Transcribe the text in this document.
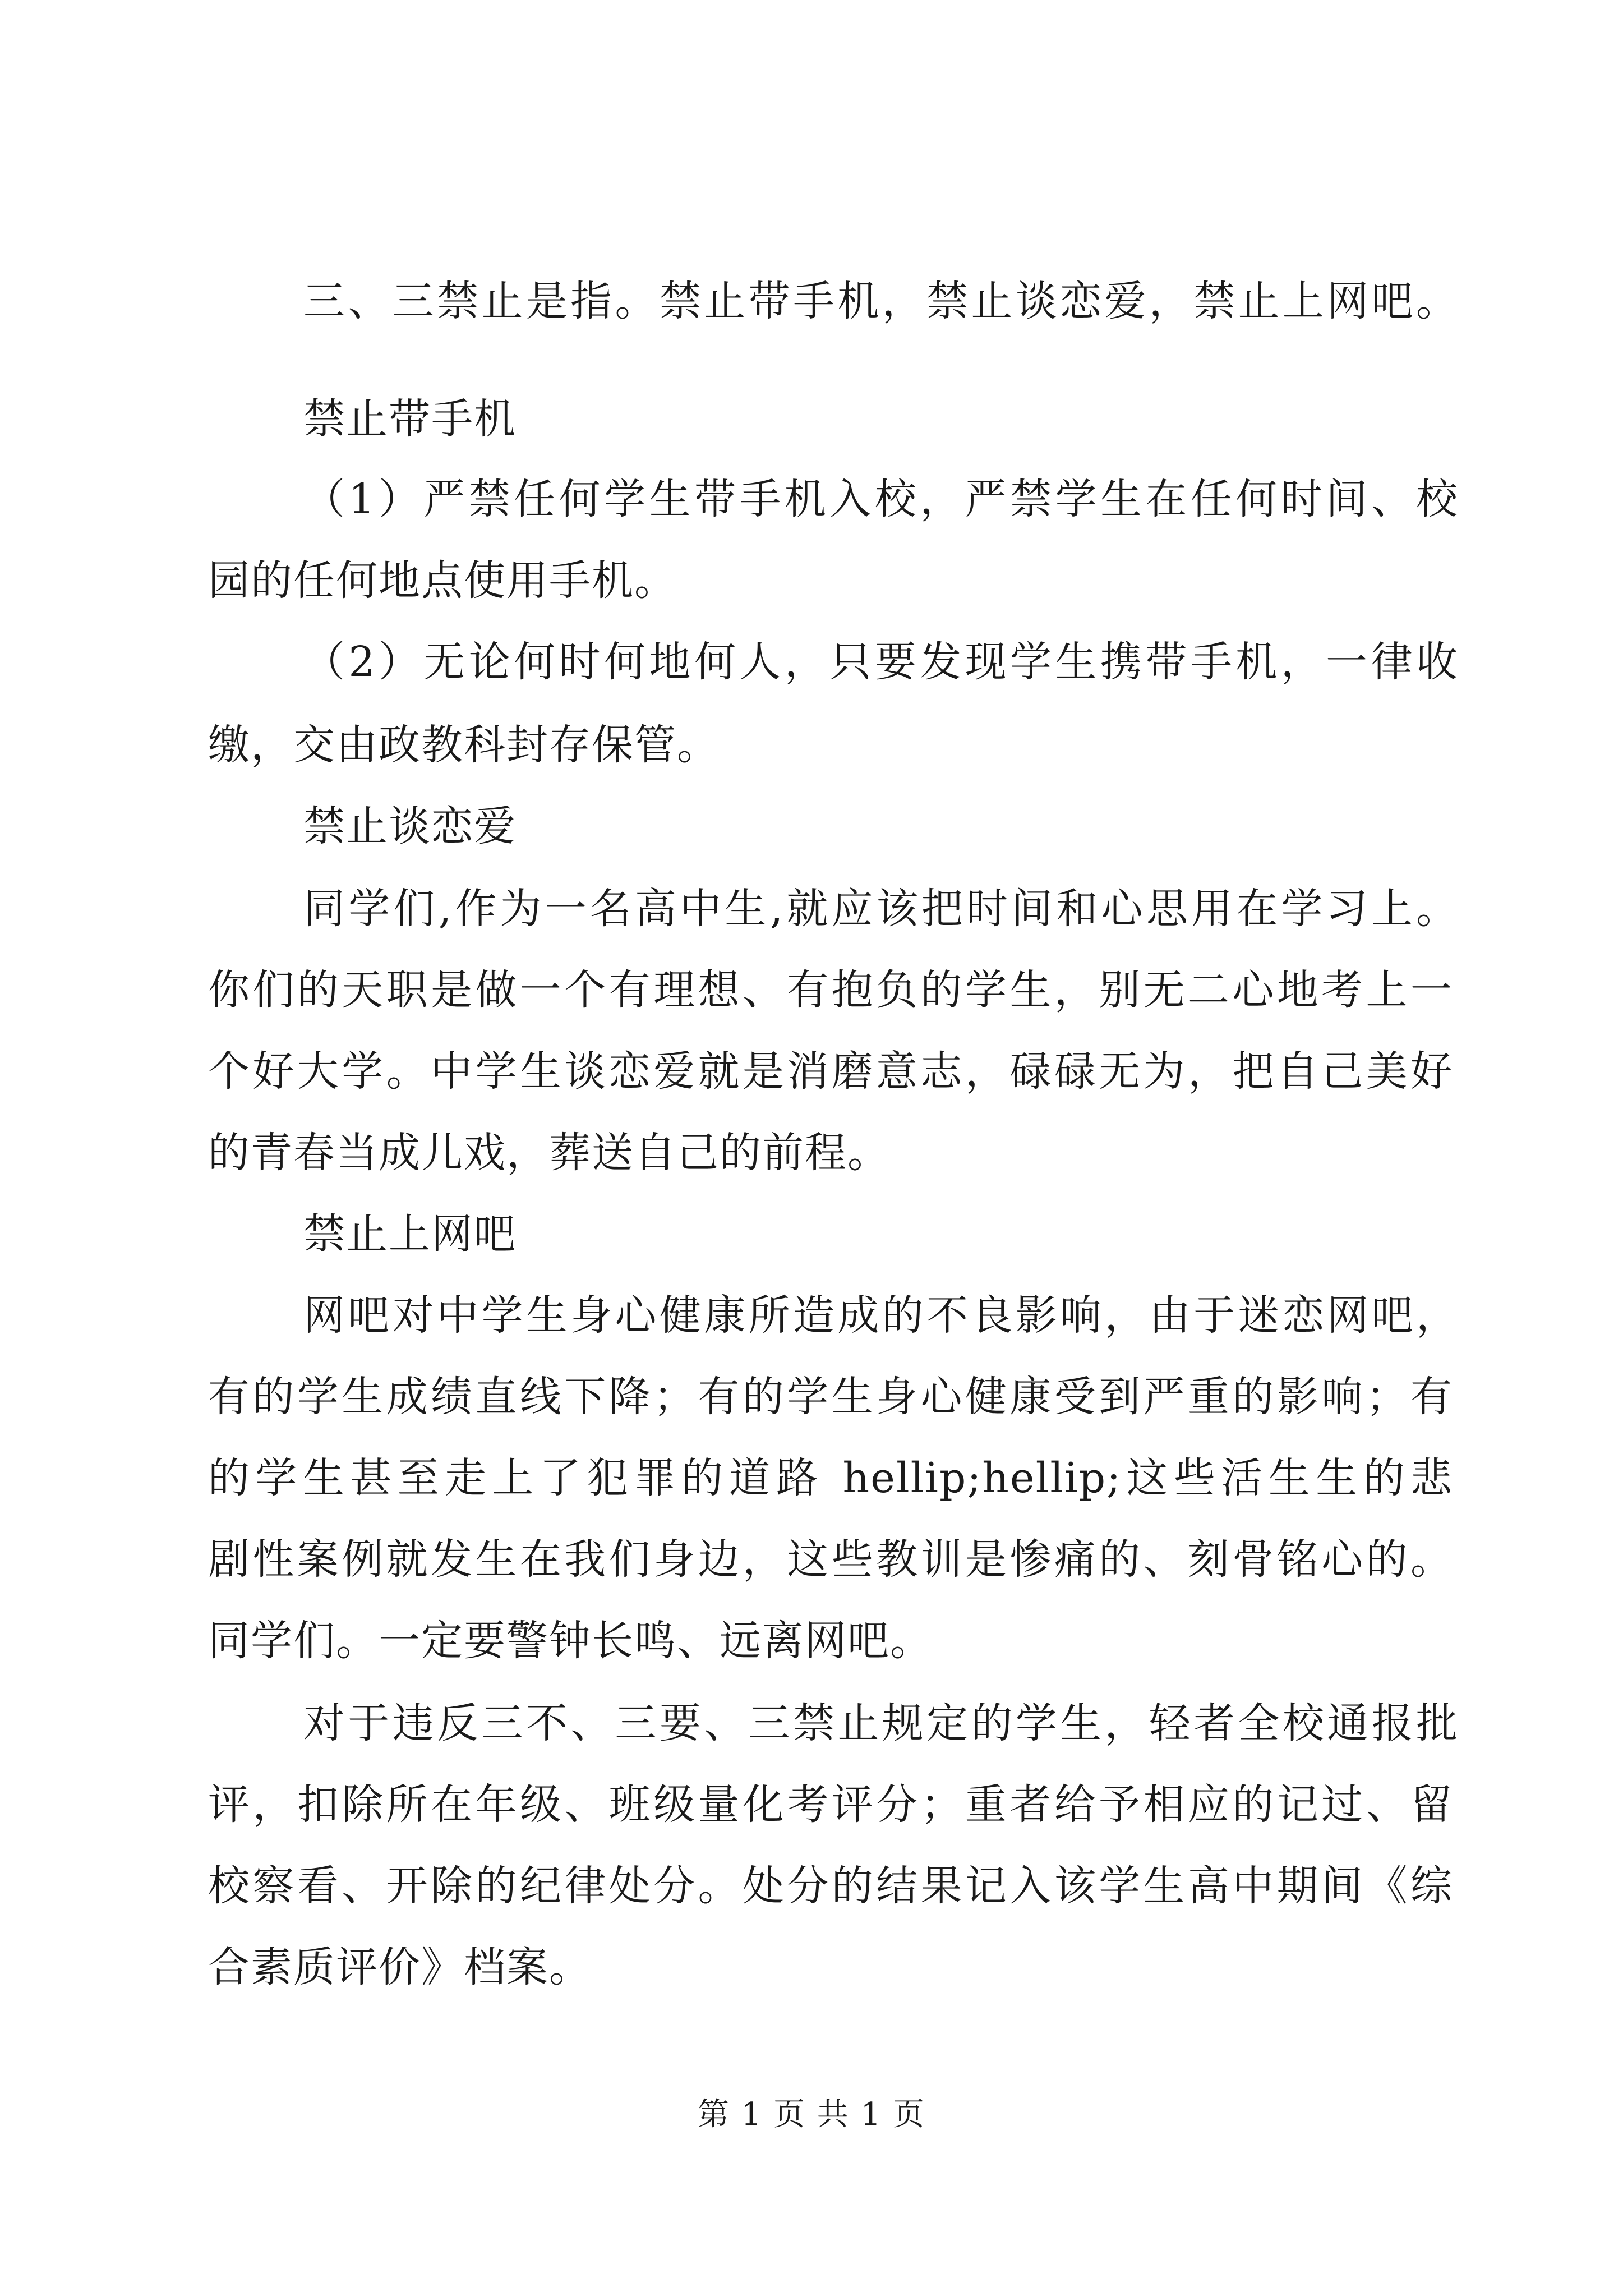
三、三禁止是指。禁止带手机，禁止谈恋爱，禁止上网吧。
禁止带手机
（1）严禁任何学生带手机入校，严禁学生在任何时间、校
园的任何地点使用手机。
（2）无论何时何地何人，只要发现学生携带手机，一律收
缴，交由政教科封存保管。
禁止谈恋爱
同学们,作为一名高中生,就应该把时间和心思用在学习上。
你们的天职是做一个有理想、有抱负的学生，别无二心地考上一
个好大学。中学生谈恋爱就是消磨意志，碌碌无为，把自己美好
的青春当成儿戏，葬送自己的前程。
禁止上网吧
网吧对中学生身心健康所造成的不良影响，由于迷恋网吧，
有的学生成绩直线下降；有的学生身心健康受到严重的影响；有
的学生甚至走上了犯罪的道路 hellip;hellip;这些活生生的悲
剧性案例就发生在我们身边，这些教训是惨痛的、刻骨铭心的。
同学们。一定要警钟长鸣、远离网吧。
对于违反三不、三要、三禁止规定的学生，轻者全校通报批
评，扣除所在年级、班级量化考评分；重者给予相应的记过、留
校察看、开除的纪律处分。处分的结果记入该学生高中期间《综
合素质评价》档案。
第 1 页 共 1 页
